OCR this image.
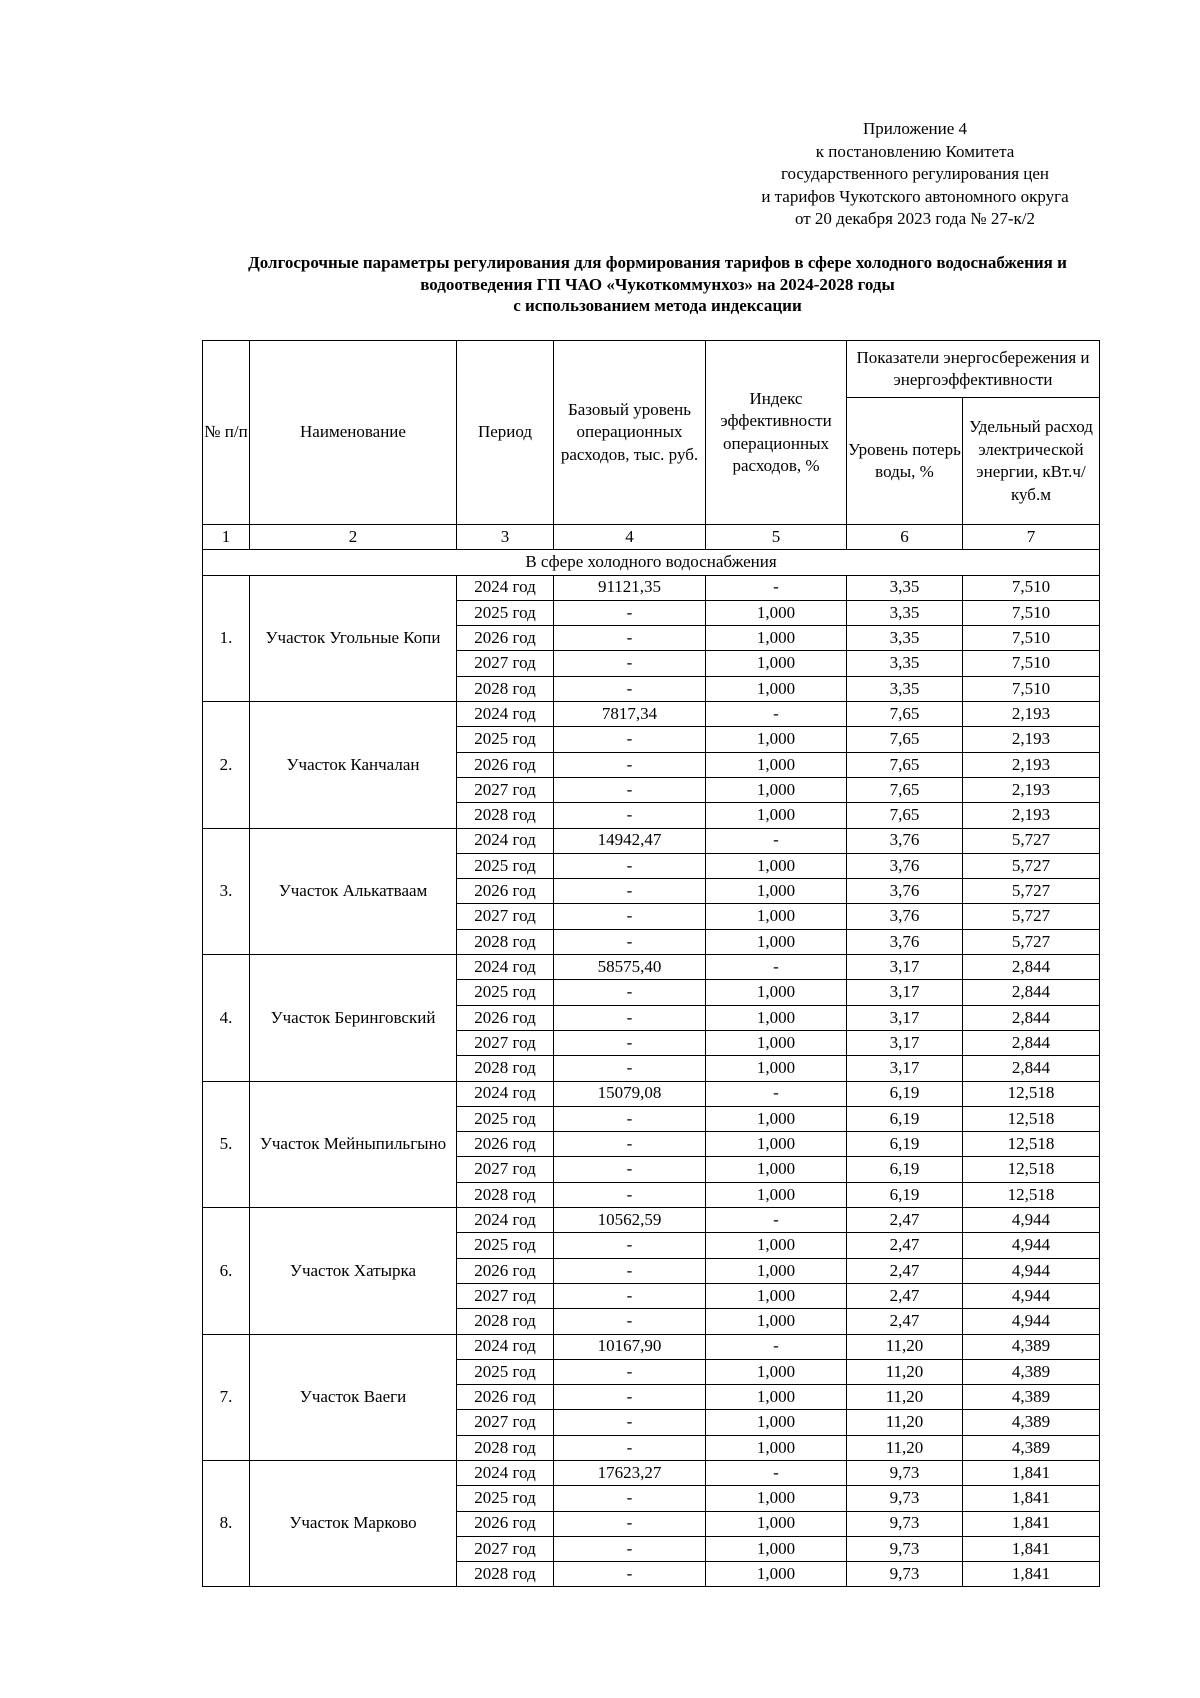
Приложение 4
к постановлению Комитета
государственного регулирования цен
и тарифов Чукотского автономного округа
от 20 декабря 2023 года № 27-к/2
Долгосрочные параметры регулирования для формирования тарифов в сфере холодного водоснабжения и
водоотведения ГП ЧАО «Чукоткоммунхоз» на 2024-2028 годы
с использованием метода индексации
№ п/п	Наименование	Период	Базовый уровень операционных расходов, тыс. руб.	Индекс эффективности операционных расходов, %	Показатели энергосбережения и энергоэффективности	
					Уровень потерь воды, %	Удельный расход электрической энергии, кВт.ч/куб.м
1	2	3	4	5	6	7
В сфере холодного водоснабжения						
1.	Участок Угольные Копи	2024 год	91121,35	-	3,35	7,510
		2025 год	-	1,000	3,35	7,510
		2026 год	-	1,000	3,35	7,510
		2027 год	-	1,000	3,35	7,510
		2028 год	-	1,000	3,35	7,510
2.	Участок Канчалан	2024 год	7817,34	-	7,65	2,193
		2025 год	-	1,000	7,65	2,193
		2026 год	-	1,000	7,65	2,193
		2027 год	-	1,000	7,65	2,193
		2028 год	-	1,000	7,65	2,193
3.	Участок Алькатваам	2024 год	14942,47	-	3,76	5,727
		2025 год	-	1,000	3,76	5,727
		2026 год	-	1,000	3,76	5,727
		2027 год	-	1,000	3,76	5,727
		2028 год	-	1,000	3,76	5,727
4.	Участок Беринговский	2024 год	58575,40	-	3,17	2,844
		2025 год	-	1,000	3,17	2,844
		2026 год	-	1,000	3,17	2,844
		2027 год	-	1,000	3,17	2,844
		2028 год	-	1,000	3,17	2,844
5.	Участок Мейныпильгыно	2024 год	15079,08	-	6,19	12,518
		2025 год	-	1,000	6,19	12,518
		2026 год	-	1,000	6,19	12,518
		2027 год	-	1,000	6,19	12,518
		2028 год	-	1,000	6,19	12,518
6.	Участок Хатырка	2024 год	10562,59	-	2,47	4,944
		2025 год	-	1,000	2,47	4,944
		2026 год	-	1,000	2,47	4,944
		2027 год	-	1,000	2,47	4,944
		2028 год	-	1,000	2,47	4,944
7.	Участок Ваеги	2024 год	10167,90	-	11,20	4,389
		2025 год	-	1,000	11,20	4,389
		2026 год	-	1,000	11,20	4,389
		2027 год	-	1,000	11,20	4,389
		2028 год	-	1,000	11,20	4,389
8.	Участок Марково	2024 год	17623,27	-	9,73	1,841
		2025 год	-	1,000	9,73	1,841
		2026 год	-	1,000	9,73	1,841
		2027 год	-	1,000	9,73	1,841
		2028 год	-	1,000	9,73	1,841
